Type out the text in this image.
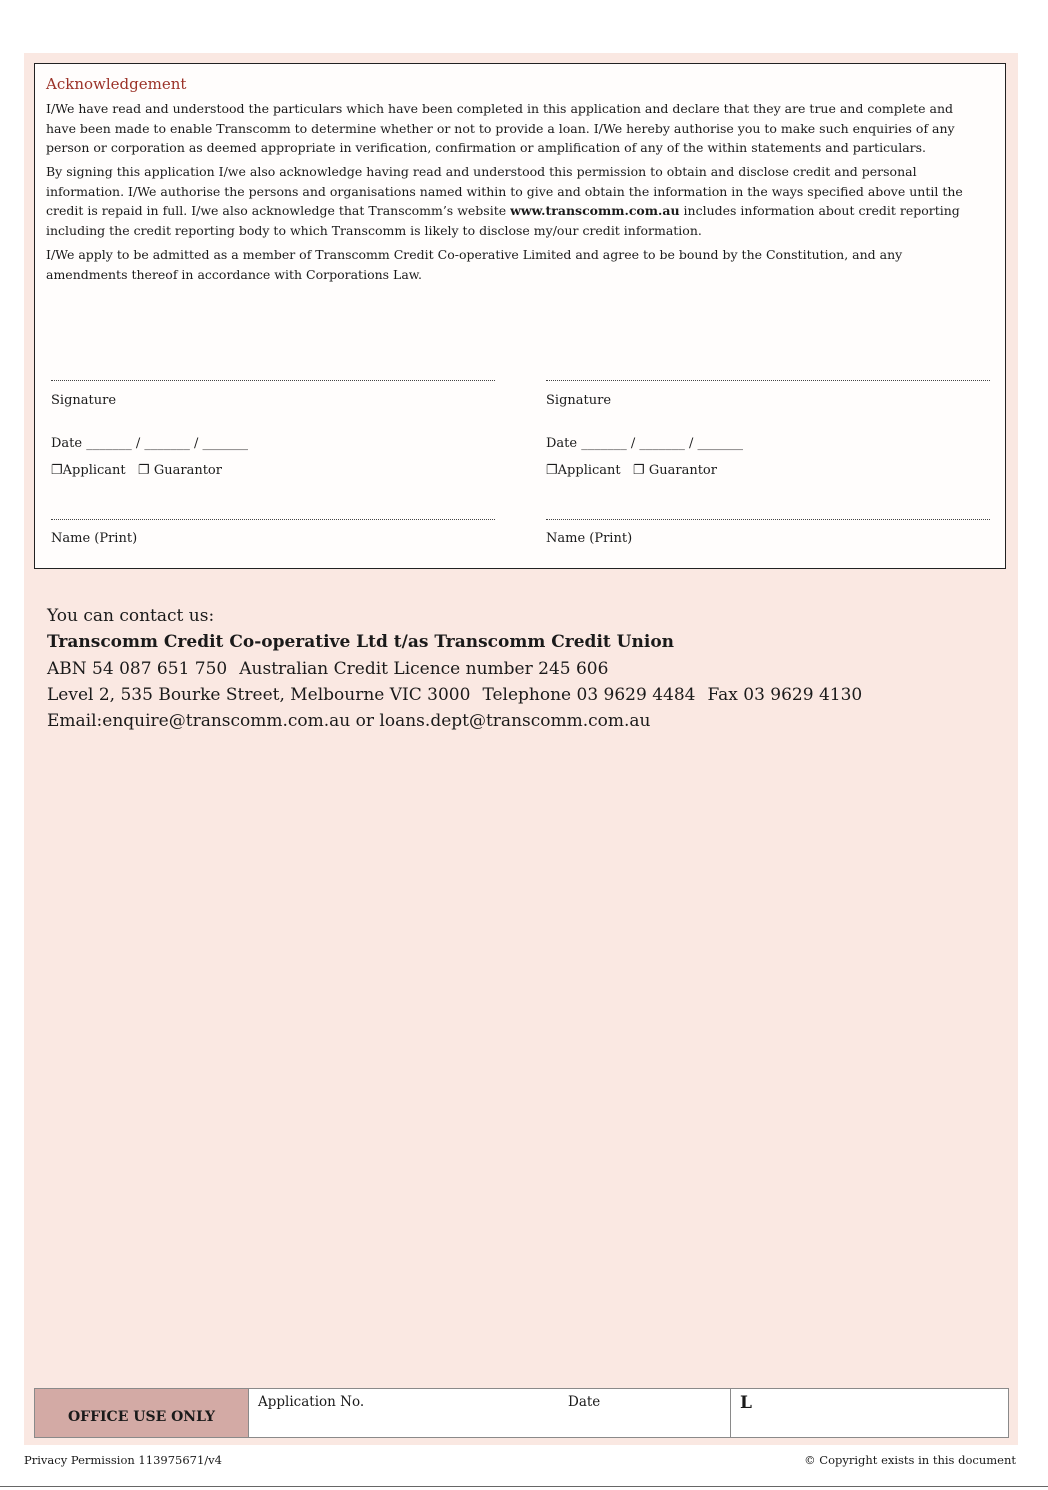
Acknowledgement

I/We have read and understood the particulars which have been completed in this application and declare that they are true and complete and have been made to enable Transcomm to determine whether or not to provide a loan. I/We hereby authorise you to make such enquiries of any person or corporation as deemed appropriate in verification, confirmation or amplification of any of the within statements and particulars.

By signing this application I/we also acknowledge having read and understood this permission to obtain and disclose credit and personal information. I/We authorise the persons and organisations named within to give and obtain the information in the ways specified above until the credit is repaid in full. I/we also acknowledge that Transcomm’s website www.transcomm.com.au includes information about credit reporting including the credit reporting body to which Transcomm is likely to disclose my/our credit information.

I/We apply to be admitted as a member of Transcomm Credit Co-operative Limited and agree to be bound by the Constitution, and any amendments thereof in accordance with Corporations Law.

Signature
Date _______ / _______ / _______
❐Applicant ❐ Guarantor
Name (Print)
Signature
Date _______ / _______ / _______
❐Applicant ❐ Guarantor
Name (Print)
You can contact us:
Transcomm Credit Co-operative Ltd t/as Transcomm Credit Union
ABN 54 087 651 750 Australian Credit Licence number 245 606
Level 2, 535 Bourke Street, Melbourne VIC 3000 Telephone 03 9629 4484 Fax 03 9629 4130
Email:enquire@transcomm.com.au or loans.dept@transcomm.com.au
OFFICE USE ONLY
Application No.	Date	L
Privacy Permission 113975671/v4	© Copyright exists in this document
